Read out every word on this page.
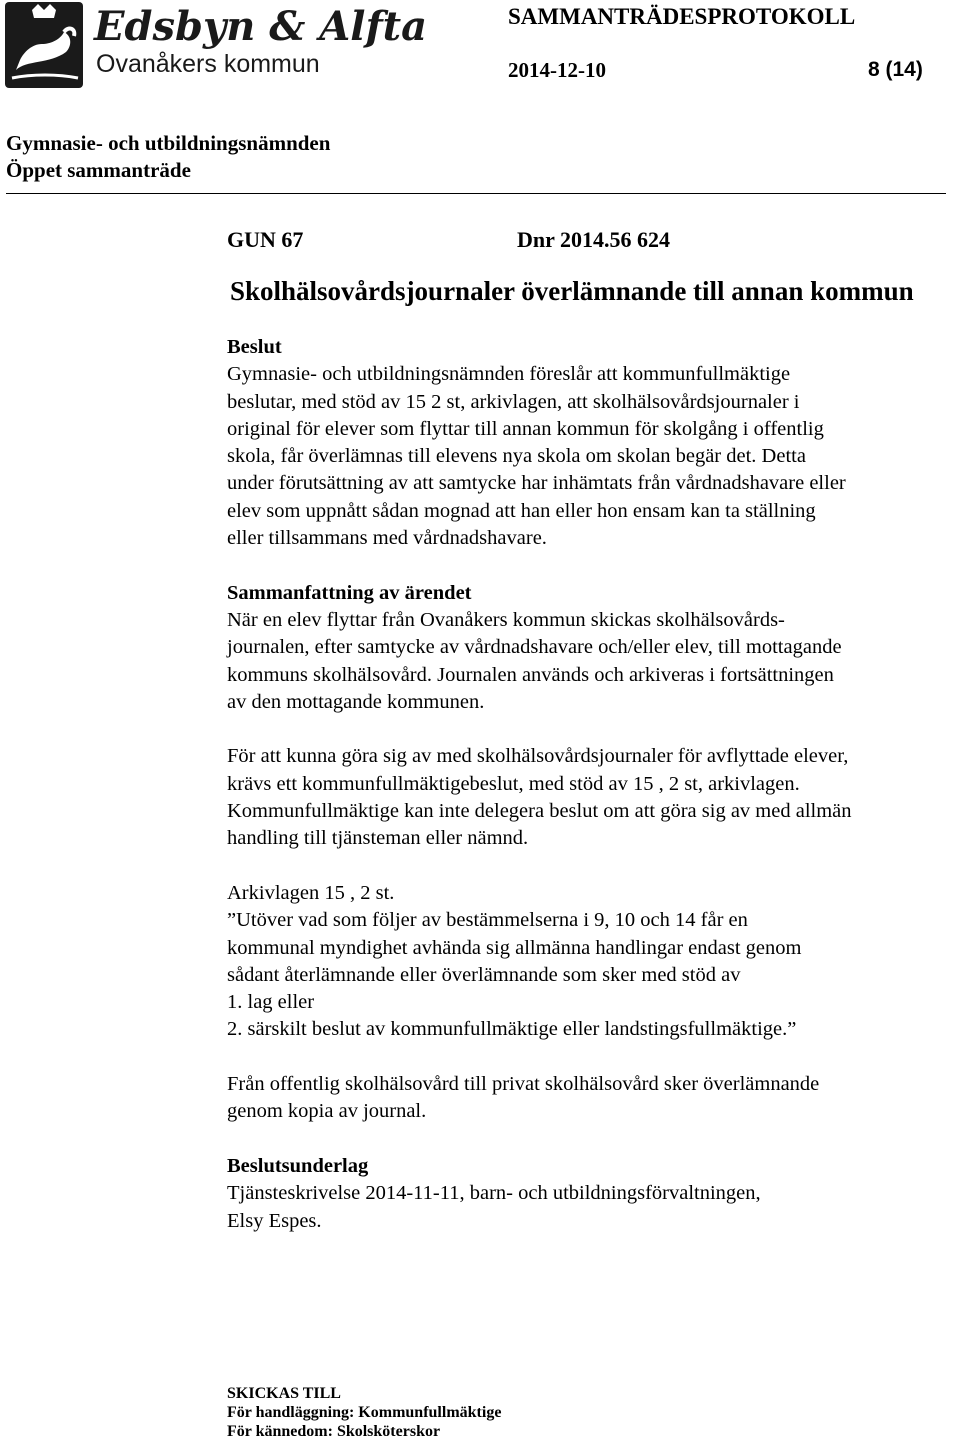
Edsbyn & Alfta
Ovanåkers kommun
SAMMANTRÄDESPROTOKOLL
2014-12-10	8 (14)
Gymnasie- och utbildningsnämnden
Öppet sammanträde
GUN 67	Dnr 2014.56 624
Skolhälsovårdsjournaler överlämnande till annan kommun
Beslut
Gymnasie- och utbildningsnämnden föreslår att kommunfullmäktige
beslutar, med stöd av 15 2 st, arkivlagen, att skolhälsovårdsjournaler i
original för elever som flyttar till annan kommun för skolgång i offentlig
skola, får överlämnas till elevens nya skola om skolan begär det. Detta
under förutsättning av att samtycke har inhämtats från vårdnadshavare eller
elev som uppnått sådan mognad att han eller hon ensam kan ta ställning
eller tillsammans med vårdnadshavare.
Sammanfattning av ärendet
När en elev flyttar från Ovanåkers kommun skickas skolhälsovårds-
journalen, efter samtycke av vårdnadshavare och/eller elev, till mottagande
kommuns skolhälsovård. Journalen används och arkiveras i fortsättningen
av den mottagande kommunen.
För att kunna göra sig av med skolhälsovårdsjournaler för avflyttade elever,
krävs ett kommunfullmäktigebeslut, med stöd av 15 , 2 st, arkivlagen.
Kommunfullmäktige kan inte delegera beslut om att göra sig av med allmän
handling till tjänsteman eller nämnd.
Arkivlagen 15 , 2 st.
”Utöver vad som följer av bestämmelserna i 9, 10 och 14 får en
kommunal myndighet avhända sig allmänna handlingar endast genom
sådant återlämnande eller överlämnande som sker med stöd av
1. lag eller
2. särskilt beslut av kommunfullmäktige eller landstingsfullmäktige.”
Från offentlig skolhälsovård till privat skolhälsovård sker överlämnande
genom kopia av journal.
Beslutsunderlag
Tjänsteskrivelse 2014-11-11, barn- och utbildningsförvaltningen,
Elsy Espes.
SKICKAS TILL
För handläggning: Kommunfullmäktige
För kännedom: Skolsköterskor
